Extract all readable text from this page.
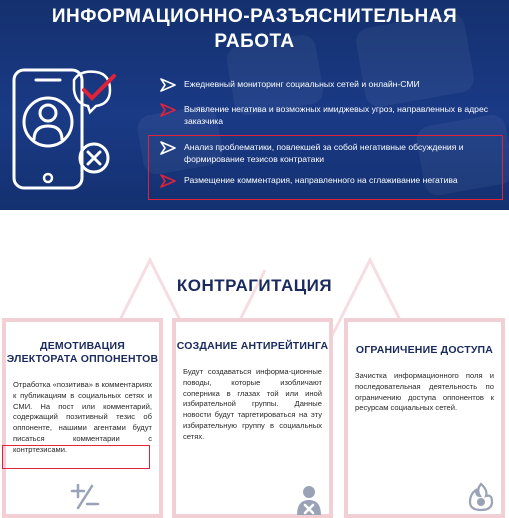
ИНФОРМАЦИОННО-РАЗЪЯСНИТЕЛЬНАЯ
РАБОТА
Ежедневный мониторинг социальных сетей и онлайн-СМИ
Выявление негатива и возможных имиджевых угроз, направленных в адрес заказчика
Анализ проблематики, повлекшей за собой негативные обсуждения и формирование тезисов контратаки
Размещение комментария, направленного на сглаживание негатива
КОНТРАГИТАЦИЯ
ДЕМОТИВАЦИЯ ЭЛЕКТОРАТА ОППОНЕНТОВ
Отработка «позитива» в комментариях к публикациям в социальных сетях и СМИ. На пост или комментарий, содержащий позитивный тезис об оппоненте, нашими агентами будут писаться комментарии с контртезисами.
СОЗДАНИЕ АНТИРЕЙТИНГА
Будут создаваться информа-ционные поводы, которые изобличают соперника в глазах той или иной избирательной группы. Данные новости будут таргетироваться на эту избирательную группу в социальных сетях.
ОГРАНИЧЕНИЕ ДОСТУПА
Зачистка информационного поля и последовательная деятельность по ограничению доступа оппонентов к ресурсам социальных сетей.
